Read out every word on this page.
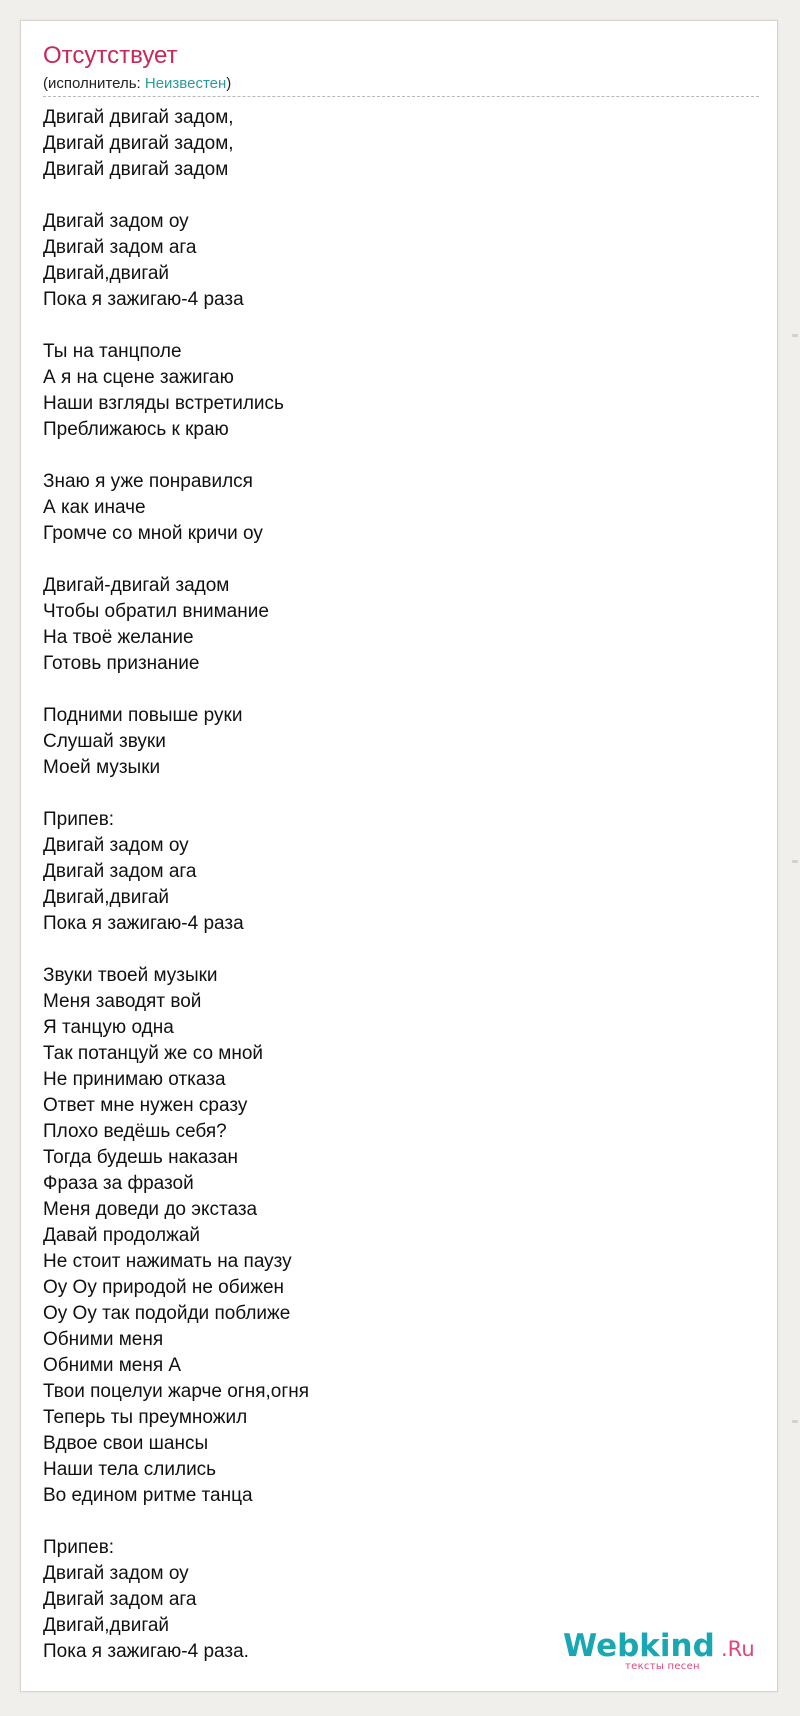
Отсутствует
(исполнитель: Неизвестен)
Двигай двигай задом,
Двигай двигай задом,
Двигай двигай задом
Двигай задом оу
Двигай задом ага
Двигай,двигай
Пока я зажигаю-4 раза
Ты на танцполе
А я на сцене зажигаю
Наши взгляды встретились
Преближаюсь к краю
Знаю я уже понравился
А как иначе
Громче со мной кричи оу
Двигай-двигай задом
Чтобы обратил внимание
На твоё желание
Готовь признание
Подними повыше руки
Слушай звуки
Моей музыки
Припев:
Двигай задом оу
Двигай задом ага
Двигай,двигай
Пока я зажигаю-4 раза
Звуки твоей музыки
Меня заводят вой
Я танцую одна
Так потанцуй же со мной
Не принимаю отказа
Ответ мне нужен сразу
Плохо ведёшь себя?
Тогда будешь наказан
Фраза за фразой
Меня доведи до экстаза
Давай продолжай
Не стоит нажимать на паузу
Оу Оу природой не обижен
Оу Оу так подойди поближе
Обними меня
Обними меня А
Твои поцелуи жарче огня,огня
Теперь ты преумножил
Вдвое свои шансы
Наши тела слились
Во едином ритме танца
Припев:
Двигай задом оу
Двигай задом ага
Двигай,двигай
Пока я зажигаю-4 раза.	Webkind .Ru
тексты песен
